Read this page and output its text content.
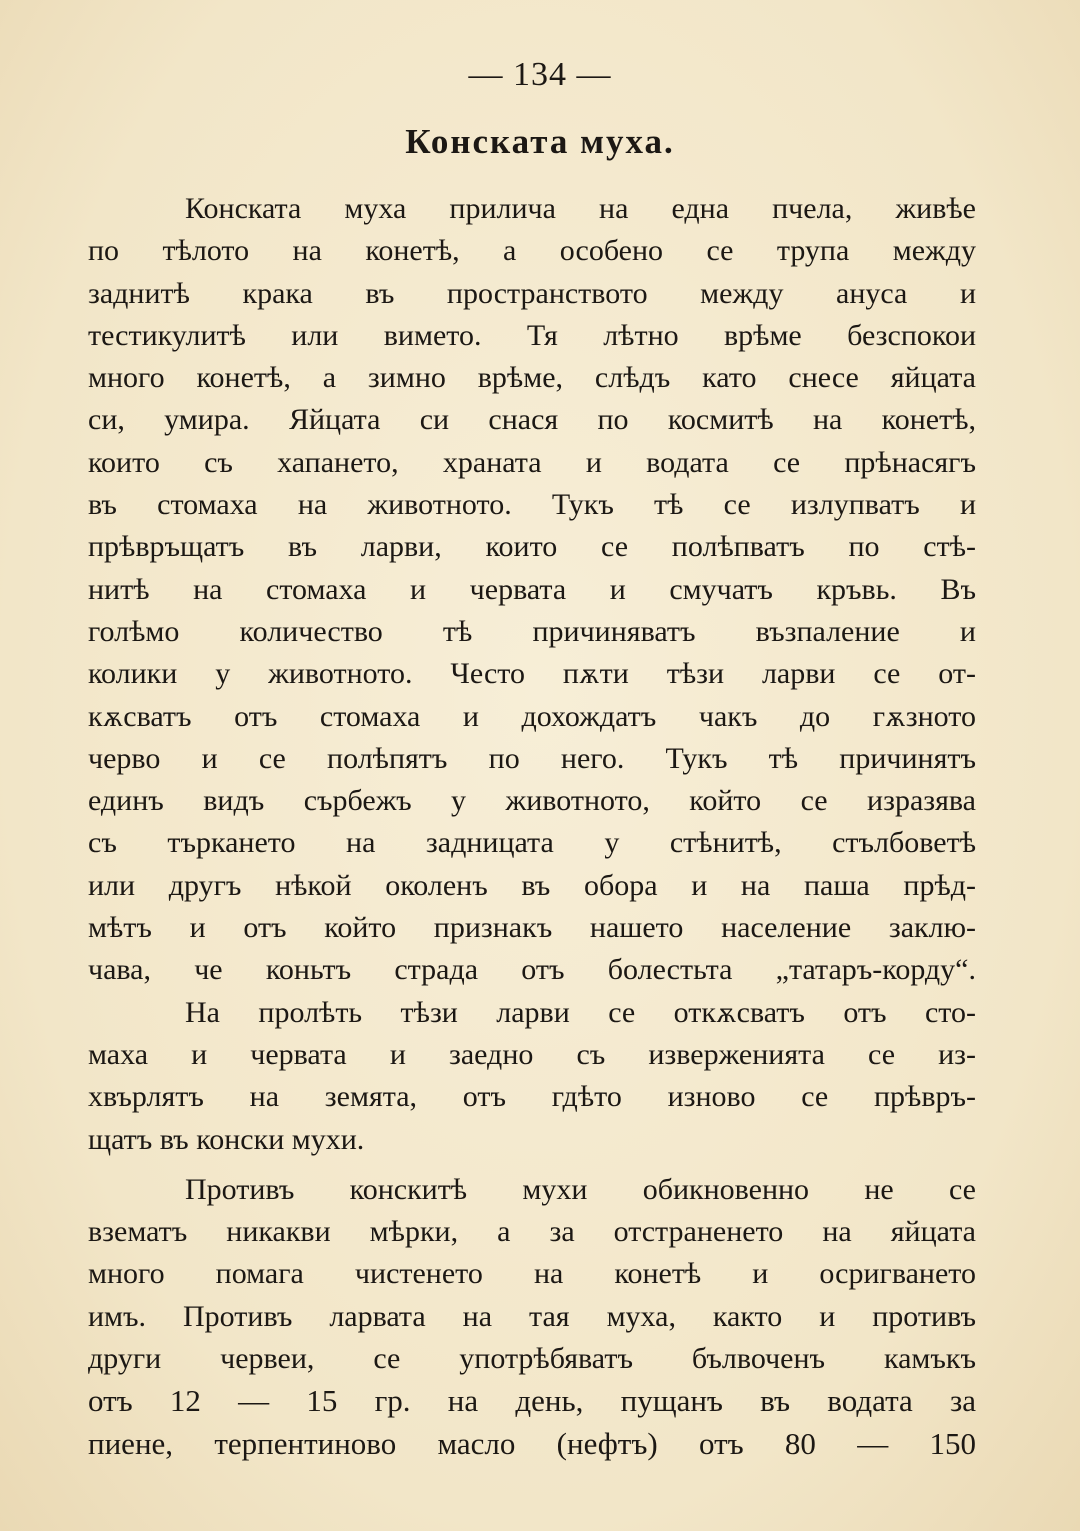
— 134 —
Конската муха.
Конската муха прилича на една пчела, живѣе
по тѣлото на конетѣ, а особено се трупа между
заднитѣ крака въ пространството между ануса и
тестикулитѣ или вимето. Тя лѣтно врѣме безспокои
много конетѣ, а зимно врѣме, слѣдъ като снесе яйцата
си, умира. Яйцата си снася по коcмитѣ на конетѣ,
които съ хапането, храната и водата се прѣнасягъ
въ стомаха на животното. Тукъ тѣ се излупватъ и
прѣвръщатъ въ ларви, които се полѣпватъ по стѣ-
нитѣ на стомаха и червата и смучатъ кръвь. Въ
голѣмо количество тѣ причиняватъ възпаление и
колики у животното. Често пѫти тѣзи ларви се от-
кѫсватъ отъ стомаха и дохождатъ чакъ до гѫзното
черво и се полѣпятъ по него. Тукъ тѣ причинятъ
единъ видъ сърбежъ у животното, който се изразява
съ търкането на задницата у стѣнитѣ, стълбоветѣ
или другъ нѣкой околенъ въ обора и на паша прѣд-
мѣтъ и отъ който признакъ нашето население заклю-
чава, че коньтъ страда отъ болестьта „татаръ-корду“.
На пролѣть тѣзи ларви се откѫсватъ отъ сто-
маха и червата и заедно съ изверженията се из-
хвърлятъ на земята, отъ гдѣто изново се прѣвръ-
щатъ въ конски мухи.
Противъ конскитѣ мухи обикновенно не се
взематъ никакви мѣрки, а за отстраненето на яйцата
много помага чистенето на конетѣ и осригването
имъ. Противъ ларвата на тая муха, както и противъ
други червеи, се употрѣбяватъ бълвоченъ камъкъ
отъ 12 — 15 гр. на день, пущанъ въ водата за
пиене, терпентиново масло (нефтъ) отъ 80 — 150
